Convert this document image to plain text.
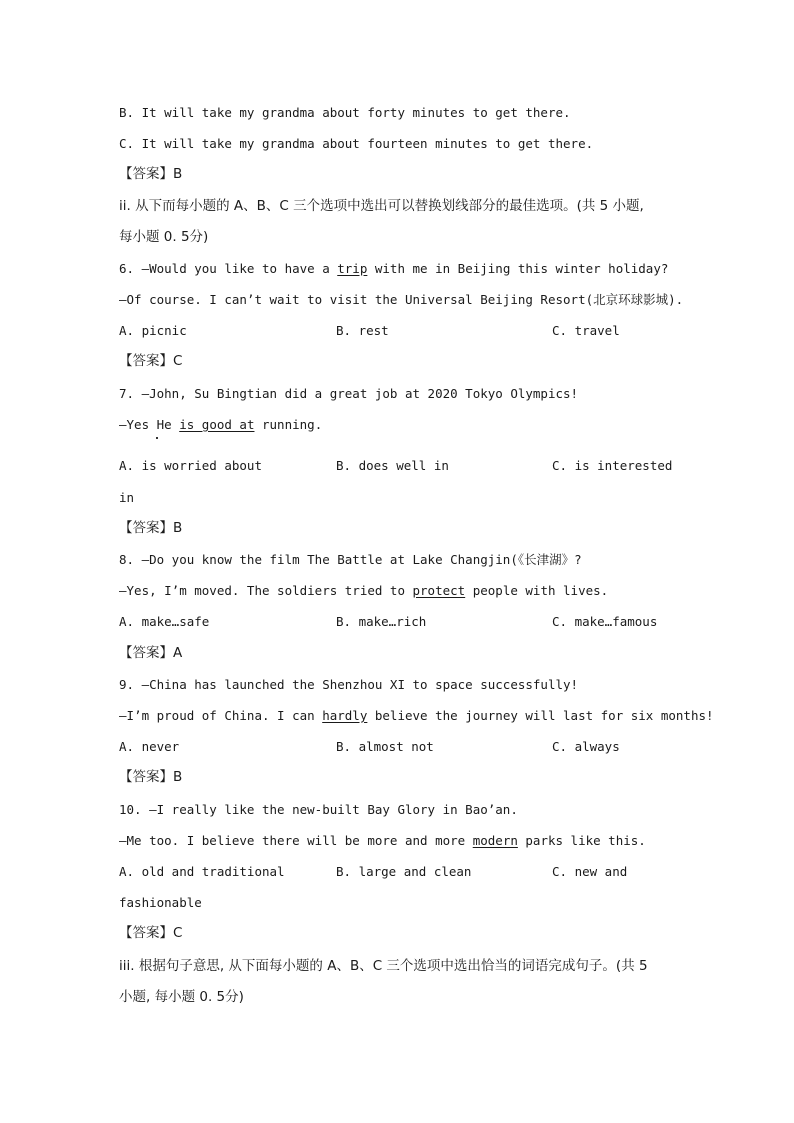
B. It will take my grandma about forty minutes to get there.
C. It will take my grandma about fourteen minutes to get there.
【答案】B
ii. 从下而每小题的 A、B、C 三个选项中选出可以替换划线部分的最佳选项。(共 5 小题,
每小题 0. 5分)
6. —Would you like to have a trip with me in Beijing this winter holiday?
—Of course. I can’t wait to visit the Universal Beijing Resort(北京环球影城).
A. picnic	B. rest	C. travel
【答案】C
7. —John, Su Bingtian did a great job at 2020 Tokyo Olympics!
—Yes He is good at running.
A. is worried about	B. does well in	C. is interested
in
【答案】B
8. —Do you know the film The Battle at Lake Changjin(《长津湖》?
—Yes, I’m moved. The soldiers tried to protect people with lives.
A. make…safe	B. make…rich	C. make…famous
【答案】A
9. —China has launched the Shenzhou XI to space successfully!
—I’m proud of China. I can hardly believe the journey will last for six months!
A. never	B. almost not	C. always
【答案】B
10. —I really like the new-built Bay Glory in Bao’an.
—Me too. I believe there will be more and more modern parks like this.
A. old and traditional	B. large and clean	C. new and
fashionable
【答案】C
iii. 根据句子意思, 从下面每小题的 A、B、C 三个选项中选出恰当的词语完成句子。(共 5
小题, 每小题 0. 5分)
